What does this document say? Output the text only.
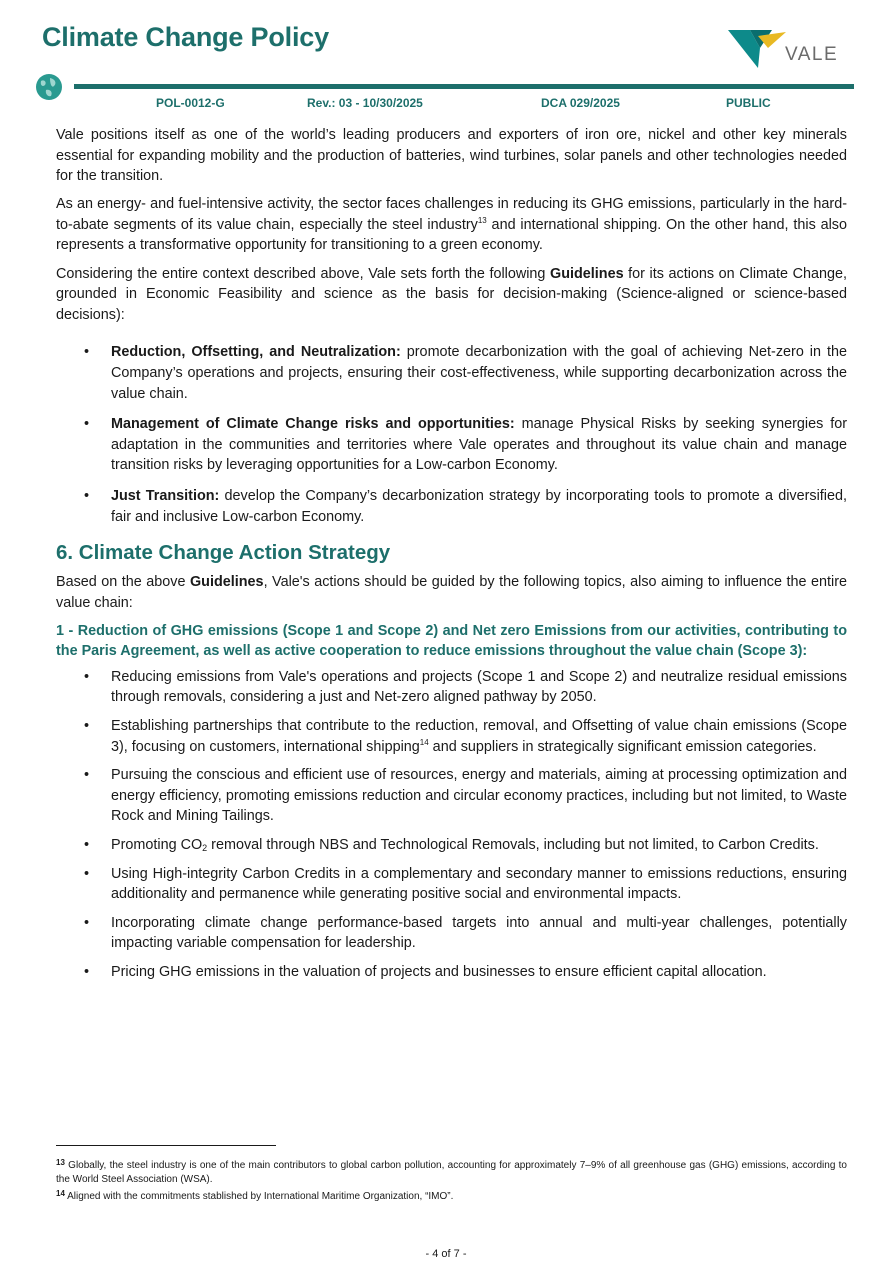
Climate Change Policy
VALE
POL-0012-G	Rev.: 03 - 10/30/2025	DCA 029/2025	PUBLIC

Vale positions itself as one of the world’s leading producers and exporters of iron ore, nickel and other key minerals essential for expanding mobility and the production of batteries, wind turbines, solar panels and other technologies needed for the transition.

As an energy- and fuel-intensive activity, the sector faces challenges in reducing its GHG emissions, particularly in the hard-to-abate segments of its value chain, especially the steel industry$^{13}$ and international shipping. On the other hand, this also represents a transformative opportunity for transitioning to a green economy.

Considering the entire context described above, Vale sets forth the following Guidelines for its actions on Climate Change, grounded in Economic Feasibility and science as the basis for decision-making (Science-aligned or science-based decisions):

• Reduction, Offsetting, and Neutralization: promote decarbonization with the goal of achieving Net-zero in the Company’s operations and projects, ensuring their cost-effectiveness, while supporting decarbonization across the value chain.
• Management of Climate Change risks and opportunities: manage Physical Risks by seeking synergies for adaptation in the communities and territories where Vale operates and throughout its value chain and manage transition risks by leveraging opportunities for a Low-carbon Economy.
• Just Transition: develop the Company’s decarbonization strategy by incorporating tools to promote a diversified, fair and inclusive Low-carbon Economy.
6. Climate Change Action Strategy

Based on the above Guidelines, Vale's actions should be guided by the following topics, also aiming to influence the entire value chain:

1 - Reduction of GHG emissions (Scope 1 and Scope 2) and Net zero Emissions from our activities, contributing to the Paris Agreement, as well as active cooperation to reduce emissions throughout the value chain (Scope 3):
• Reducing emissions from Vale's operations and projects (Scope 1 and Scope 2) and neutralize residual emissions through removals, considering a just and Net-zero aligned pathway by 2050.
• Establishing partnerships that contribute to the reduction, removal, and Offsetting of value chain emissions (Scope 3), focusing on customers, international shipping$^{14}$ and suppliers in strategically significant emission categories.
• Pursuing the conscious and efficient use of resources, energy and materials, aiming at processing optimization and energy efficiency, promoting emissions reduction and circular economy practices, including but not limited, to Waste Rock and Mining Tailings.
• Promoting $CO_2$ removal through NBS and Technological Removals, including but not limited, to Carbon Credits.
• Using High-integrity Carbon Credits in a complementary and secondary manner to emissions reductions, ensuring additionality and permanence while generating positive social and environmental impacts.
• Incorporating climate change performance-based targets into annual and multi-year challenges, potentially impacting variable compensation for leadership.
• Pricing GHG emissions in the valuation of projects and businesses to ensure efficient capital allocation.

$^{13}$ Globally, the steel industry is one of the main contributors to global carbon pollution, accounting for approximately 7–9% of all greenhouse gas (GHG) emissions, according to the World Steel Association (WSA).

$^{14}$ Aligned with the commitments stablished by International Maritime Organization, “IMO”.

- 4 of 7 -
